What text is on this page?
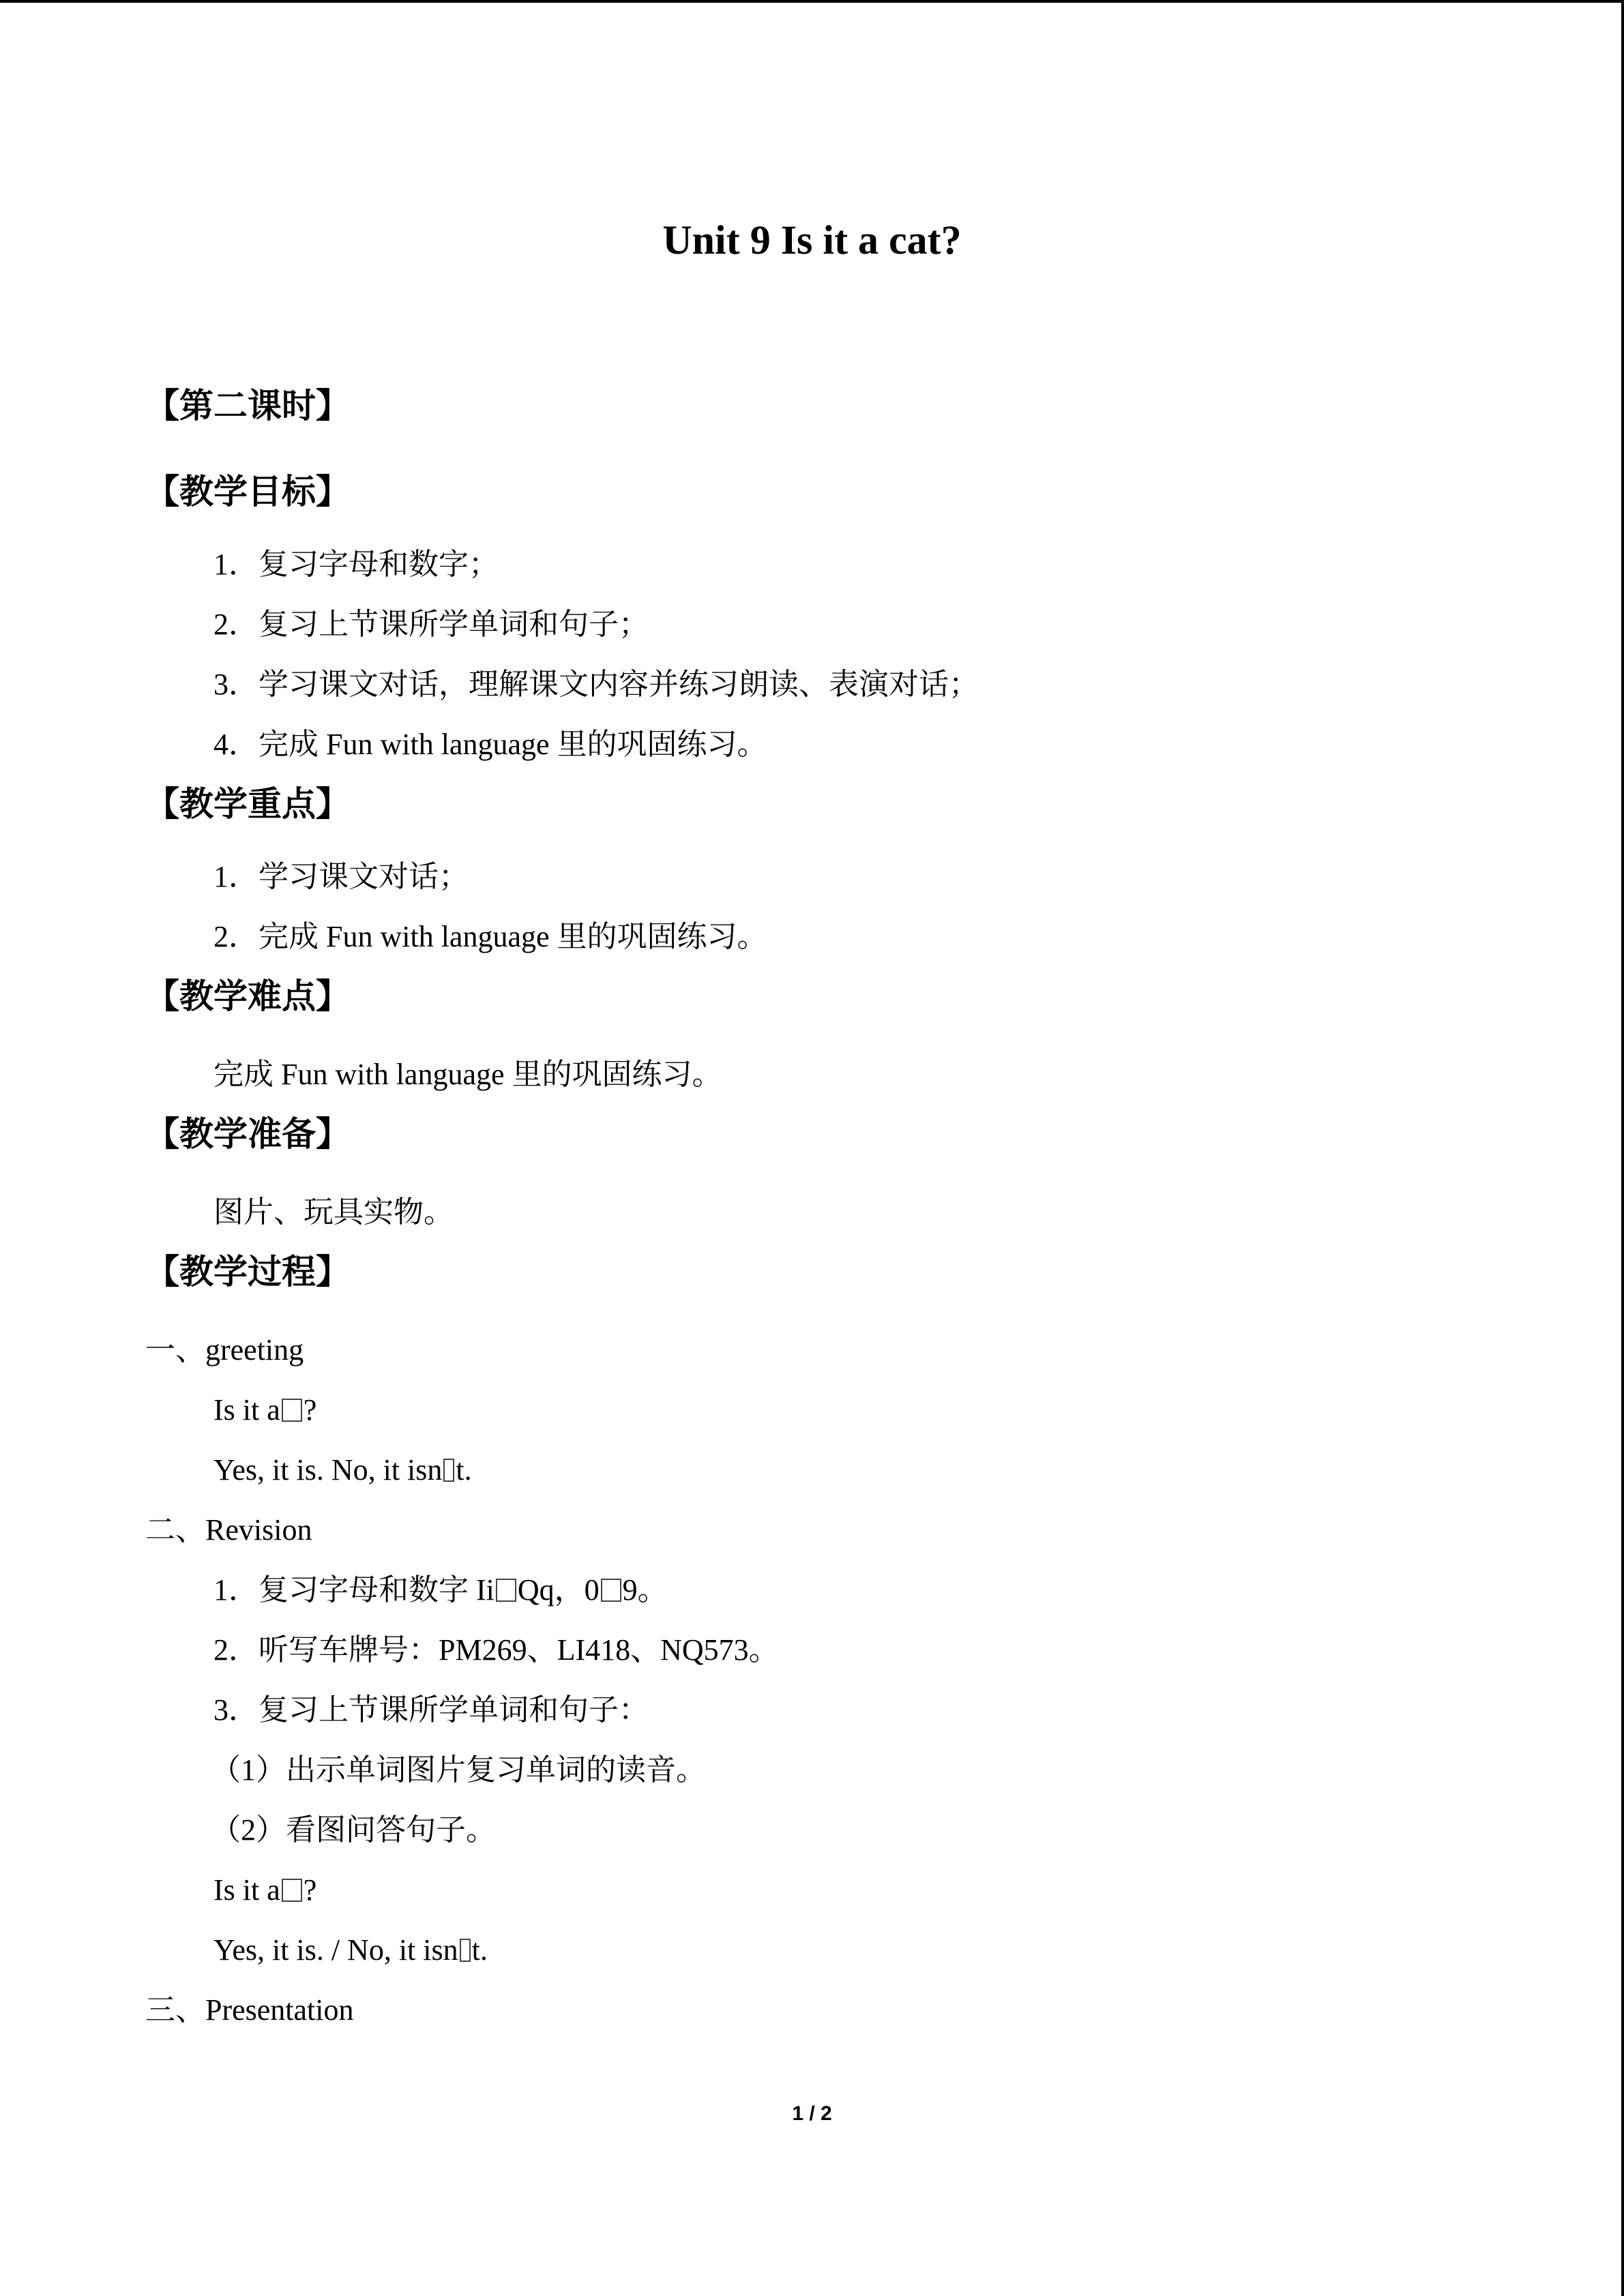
Unit 9 Is it a cat?
【第二课时】
【教学目标】
1．复习字母和数字；
2．复习上节课所学单词和句子；
3．学习课文对话，理解课文内容并练习朗读、表演对话；
4．完成 Fun with language 里的巩固练习。
【教学重点】
1．学习课文对话；
2．完成 Fun with language 里的巩固练习。
【教学难点】
完成 Fun with language 里的巩固练习。
【教学准备】
图片、玩具实物。
【教学过程】
一、greeting
Is it a ?
Yes, it is. No, it isn t.
二、Revision
1．复习字母和数字 Ii Qq，0 9。
2．听写车牌号：PM269、LI418、NQ573。
3．复习上节课所学单词和句子：
（1）出示单词图片复习单词的读音。
（2）看图问答句子。
Is it a ?
Yes, it is. / No, it isn t.
三、Presentation
1 / 2
